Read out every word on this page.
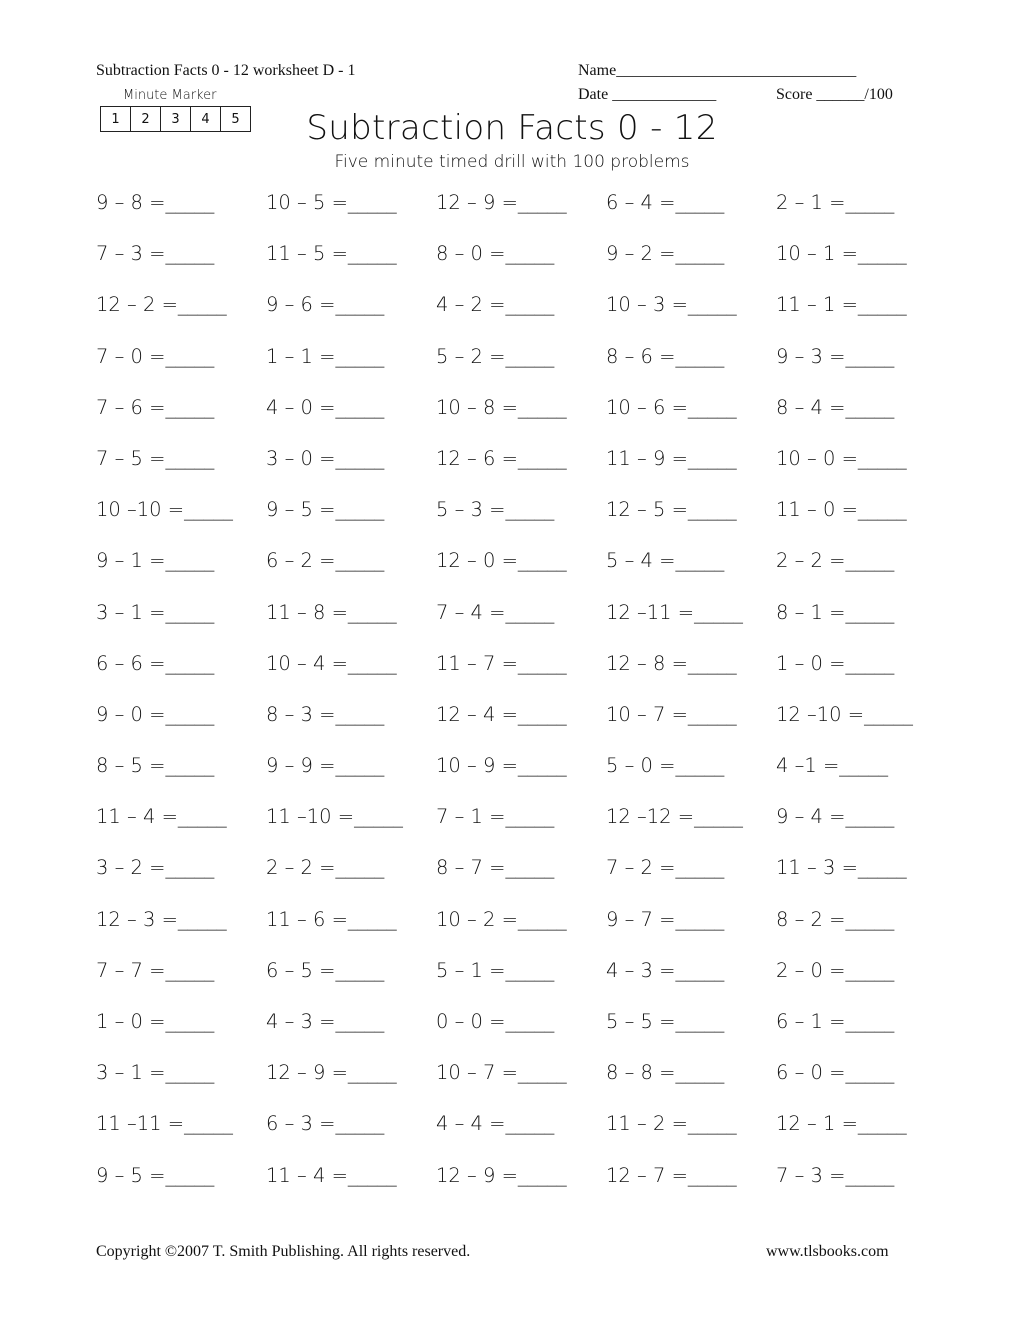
Subtraction Facts 0 - 12 worksheet D - 1	Name______________________________
Date _____________	Score ______/100
Minute Marker
1	2	3	4	5	Subtraction Facts 0 - 12
Five minute timed drill with 100 problems
9 – 8 =_____	10 – 5 =_____	12 – 9 =_____	6 – 4 =_____	2 – 1 =_____
7 – 3 =_____	11 – 5 =_____	8 – 0 =_____	9 – 2 =_____	10 – 1 =_____
12 – 2 =_____	9 – 6 =_____	4 – 2 =_____	10 – 3 =_____	11 – 1 =_____
7 – 0 =_____	1 – 1 =_____	5 – 2 =_____	8 – 6 =_____	9 – 3 =_____
7 – 6 =_____	4 – 0 =_____	10 – 8 =_____	10 – 6 =_____	8 – 4 =_____
7 – 5 =_____	3 – 0 =_____	12 – 6 =_____	11 – 9 =_____	10 – 0 =_____
10 –10 =_____	9 – 5 =_____	5 – 3 =_____	12 – 5 =_____	11 – 0 =_____
9 – 1 =_____	6 – 2 =_____	12 – 0 =_____	5 – 4 =_____	2 – 2 =_____
3 – 1 =_____	11 – 8 =_____	7 – 4 =_____	12 –11 =_____	8 – 1 =_____
6 – 6 =_____	10 – 4 =_____	11 – 7 =_____	12 – 8 =_____	1 – 0 =_____
9 – 0 =_____	8 – 3 =_____	12 – 4 =_____	10 – 7 =_____	12 –10 =_____
8 – 5 =_____	9 – 9 =_____	10 – 9 =_____	5 – 0 =_____	4 –1 =_____
11 – 4 =_____	11 –10 =_____	7 – 1 =_____	12 –12 =_____	9 – 4 =_____
3 – 2 =_____	2 – 2 =_____	8 – 7 =_____	7 – 2 =_____	11 – 3 =_____
12 – 3 =_____	11 – 6 =_____	10 – 2 =_____	9 – 7 =_____	8 – 2 =_____
7 – 7 =_____	6 – 5 =_____	5 – 1 =_____	4 – 3 =_____	2 – 0 =_____
1 – 0 =_____	4 – 3 =_____	0 – 0 =_____	5 – 5 =_____	6 – 1 =_____
3 – 1 =_____	12 – 9 =_____	10 – 7 =_____	8 – 8 =_____	6 – 0 =_____
11 –11 =_____	6 – 3 =_____	4 – 4 =_____	11 – 2 =_____	12 – 1 =_____
9 – 5 =_____	11 – 4 =_____	12 – 9 =_____	12 – 7 =_____	7 – 3 =_____
Copyright ©2007 T. Smith Publishing. All rights reserved.	www.tlsbooks.com
